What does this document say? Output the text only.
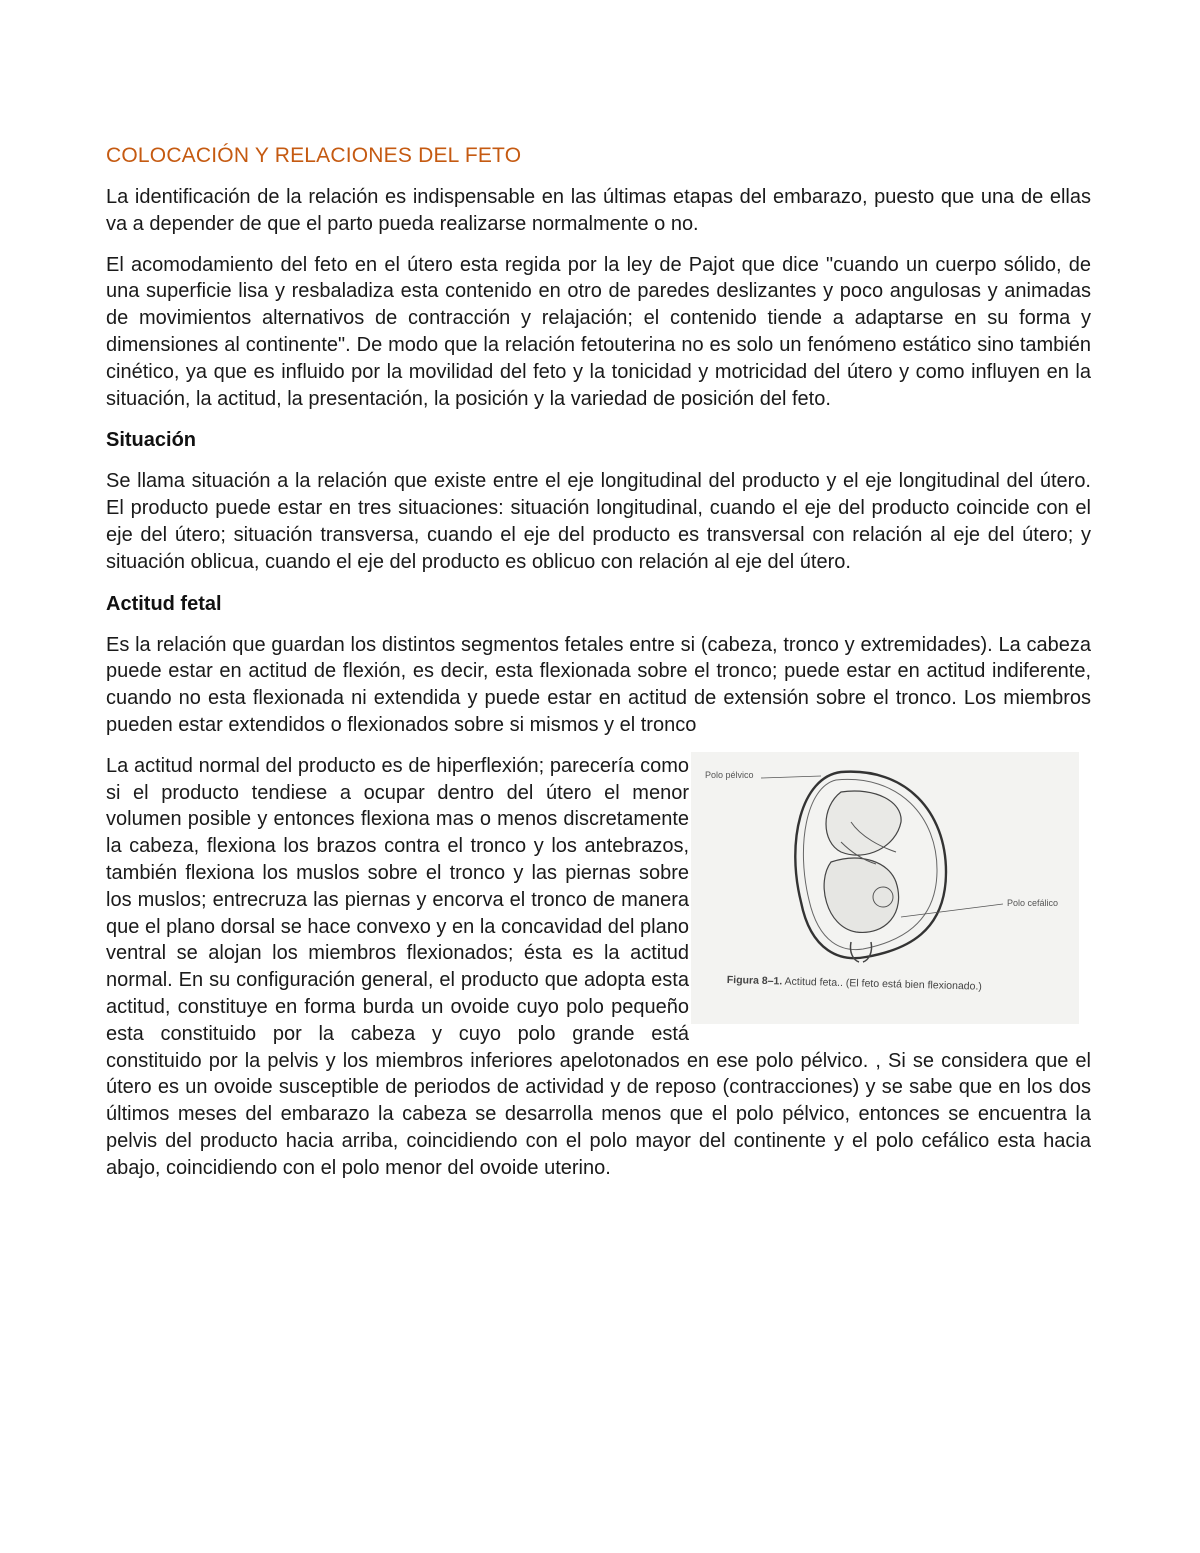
COLOCACIÓN Y RELACIONES DEL FETO

La identificación de la relación es indispensable en las últimas etapas del embarazo, puesto que una de ellas va a depender de que el parto pueda realizarse normalmente o no.

El acomodamiento del feto en el útero esta regida por la ley de Pajot que dice "cuando un cuerpo sólido, de una superficie lisa y resbaladiza esta contenido en otro de paredes deslizantes y poco angulosas y animadas de movimientos alternativos de contracción y relajación; el contenido tiende a adaptarse en su forma y dimensiones al continente". De modo que la relación fetouterina no es solo un fenómeno estático sino también cinético, ya que es influido por la movilidad del feto y la tonicidad y motricidad del útero y como influyen en la situación, la actitud, la presentación, la posición y la variedad de posición del feto.

Situación

Se llama situación a la relación que existe entre el eje longitudinal del producto y el eje longitudinal del útero. El producto puede estar en tres situaciones: situación longitudinal, cuando el eje del producto coincide con el eje del útero; situación transversa, cuando el eje del producto es transversal con relación al eje del útero; y situación oblicua, cuando el eje del producto es oblicuo con relación al eje del útero.

Actitud fetal

Es la relación que guardan los distintos segmentos fetales entre si (cabeza, tronco y extremidades). La cabeza puede estar en actitud de flexión, es decir, esta flexionada sobre el tronco; puede estar en actitud indiferente, cuando no esta flexionada ni extendida y puede estar en actitud de extensión sobre el tronco. Los miembros pueden estar extendidos o flexionados sobre si mismos y el tronco

La actitud normal del producto es de hiperflexión; parecería como si el producto tendiese a ocupar dentro del útero el menor volumen posible y entonces flexiona mas o menos discretamente la cabeza, flexiona los brazos contra el tronco y los antebrazos, también flexiona los muslos sobre el tronco y las piernas sobre los muslos; entrecruza las piernas y encorva el tronco de manera que el plano dorsal se hace convexo y en la concavidad del plano ventral se alojan los miembros flexionados; ésta es la actitud normal. En su configuración general, el producto que adopta esta actitud, constituye en forma burda un ovoide cuyo polo pequeño esta constituido por la cabeza y cuyo polo grande está constituido por la pelvis y los miembros inferiores apelotonados en ese polo pélvico. , Si se considera que el útero es un ovoide susceptible de periodos de actividad y de reposo (contracciones) y se sabe que en los dos últimos meses del embarazo la cabeza se desarrolla menos que el polo pélvico, entonces se encuentra la pelvis del producto hacia arriba, coincidiendo con el polo mayor del continente y el polo cefálico esta hacia abajo, coincidiendo con el polo menor del ovoide uterino.

Polo pélvico
Polo cefálico
Figura 8–1. Actitud feta.. (El feto está bien flexionado.)
